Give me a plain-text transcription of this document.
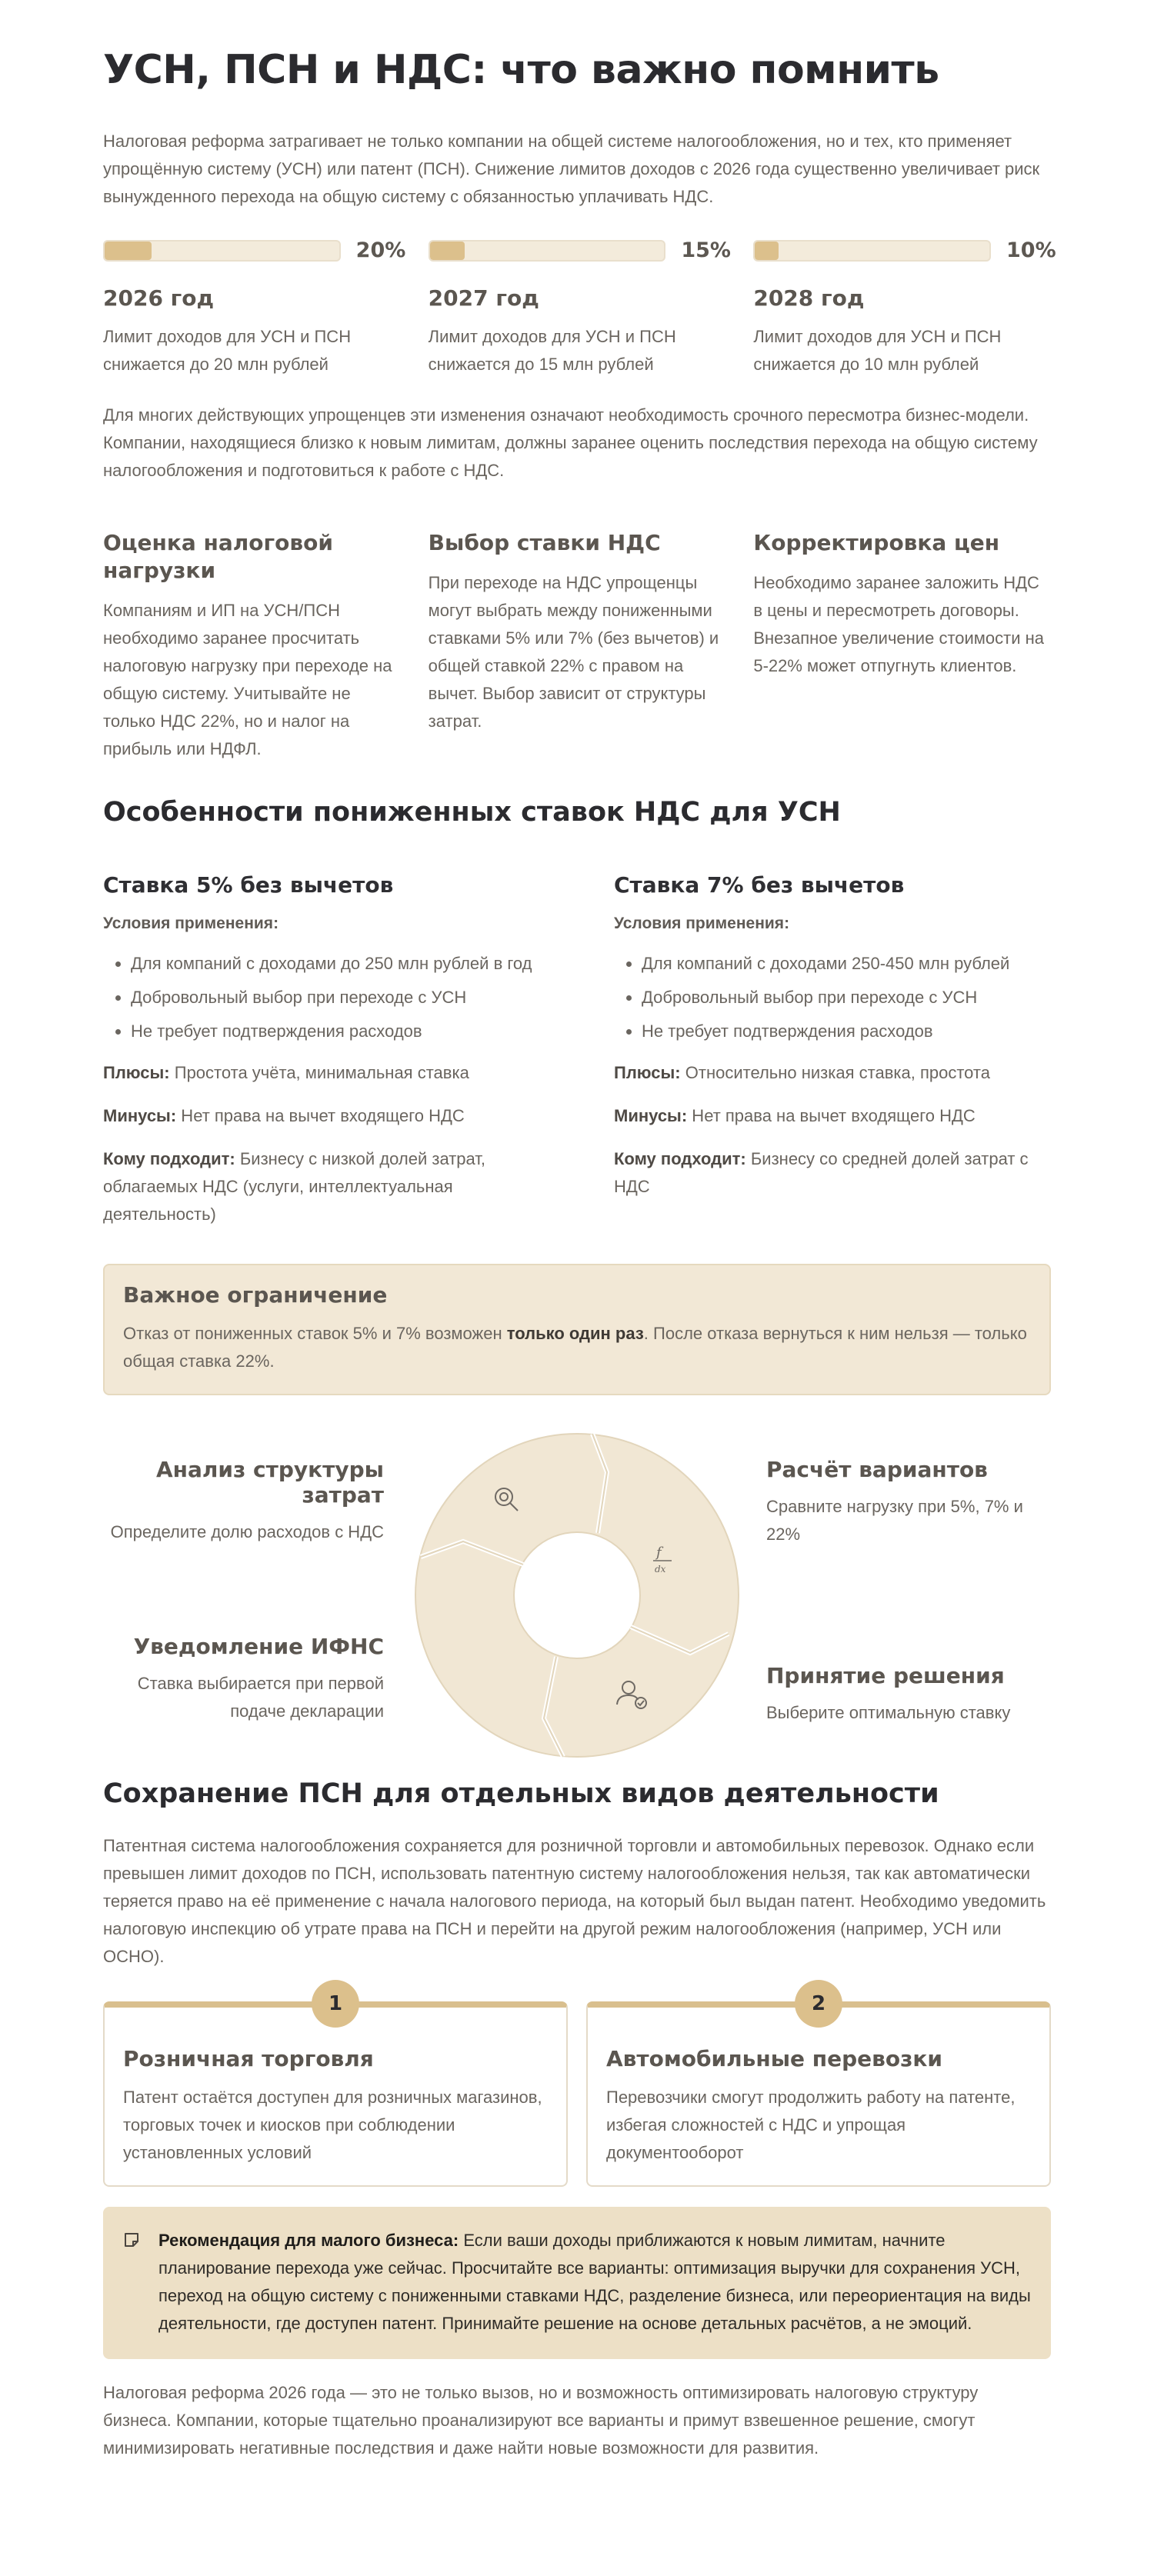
УСН, ПСН и НДС: что важно помнить

Налоговая реформа затрагивает не только компании на общей системе налогообложения, но и тех, кто применяет упрощённую систему (УСН) или патент (ПСН). Снижение лимитов доходов с 2026 года существенно увеличивает риск вынужденного перехода на общую систему с обязанностью уплачивать НДС.

20%
2026 год
Лимит доходов для УСН и ПСН снижается до 20 млн рублей
15%
2027 год
Лимит доходов для УСН и ПСН снижается до 15 млн рублей
10%
2028 год
Лимит доходов для УСН и ПСН снижается до 10 млн рублей

Для многих действующих упрощенцев эти изменения означают необходимость срочного пересмотра бизнес-модели. Компании, находящиеся близко к новым лимитам, должны заранее оценить последствия перехода на общую систему налогообложения и подготовиться к работе с НДС.

Оценка налоговой нагрузки
Компаниям и ИП на УСН/ПСН необходимо заранее просчитать налоговую нагрузку при переходе на общую систему. Учитывайте не только НДС 22%, но и налог на прибыль или НДФЛ.
Выбор ставки НДС
При переходе на НДС упрощенцы могут выбрать между пониженными ставками 5% или 7% (без вычетов) и общей ставкой 22% с правом на вычет. Выбор зависит от структуры затрат.
Корректировка цен
Необходимо заранее заложить НДС в цены и пересмотреть договоры. Внезапное увеличение стоимости на 5-22% может отпугнуть клиентов.
Особенности пониженных ставок НДС для УСН
Ставка 5% без вычетов
Условия применения:
• Для компаний с доходами до 250 млн рублей в год
• Добровольный выбор при переходе с УСН
• Не требует подтверждения расходов

Плюсы: Простота учёта, минимальная ставка

Минусы: Нет права на вычет входящего НДС

Кому подходит: Бизнесу с низкой долей затрат, облагаемых НДС (услуги, интеллектуальная деятельность)

Ставка 7% без вычетов
Условия применения:
• Для компаний с доходами 250-450 млн рублей
• Добровольный выбор при переходе с УСН
• Не требует подтверждения расходов

Плюсы: Относительно низкая ставка, простота

Минусы: Нет права на вычет входящего НДС

Кому подходит: Бизнесу со средней долей затрат с НДС

Важное ограничение
Отказ от пониженных ставок 5% и 7% возможен только один раз. После отказа вернуться к ним нельзя — только общая ставка 22%.
Анализ структуры затрат
Определите долю расходов с НДС
Уведомление ИФНС
Ставка выбирается при первой подаче декларации
Расчёт вариантов
Сравните нагрузку при 5%, 7% и 22%
Принятие решения
Выберите оптимальную ставку
f
dx
Сохранение ПСН для отдельных видов деятельности

Патентная система налогообложения сохраняется для розничной торговли и автомобильных перевозок. Однако если превышен лимит доходов по ПСН, использовать патентную систему налогообложения нельзя, так как автоматически теряется право на её применение с начала налогового периода, на который был выдан патент. Необходимо уведомить налоговую инспекцию об утрате права на ПСН и перейти на другой режим налогообложения (например, УСН или ОСНО).

1
Розничная торговля
Патент остаётся доступен для розничных магазинов, торговых точек и киосков при соблюдении установленных условий
2
Автомобильные перевозки
Перевозчики смогут продолжить работу на патенте, избегая сложностей с НДС и упрощая документооборот
Рекомендация для малого бизнеса: Если ваши доходы приближаются к новым лимитам, начните планирование перехода уже сейчас. Просчитайте все варианты: оптимизация выручки для сохранения УСН, переход на общую систему с пониженными ставками НДС, разделение бизнеса, или переориентация на виды деятельности, где доступен патент. Принимайте решение на основе детальных расчётов, а не эмоций.

Налоговая реформа 2026 года — это не только вызов, но и возможность оптимизировать налоговую структуру бизнеса. Компании, которые тщательно проанализируют все варианты и примут взвешенное решение, смогут минимизировать негативные последствия и даже найти новые возможности для развития.
